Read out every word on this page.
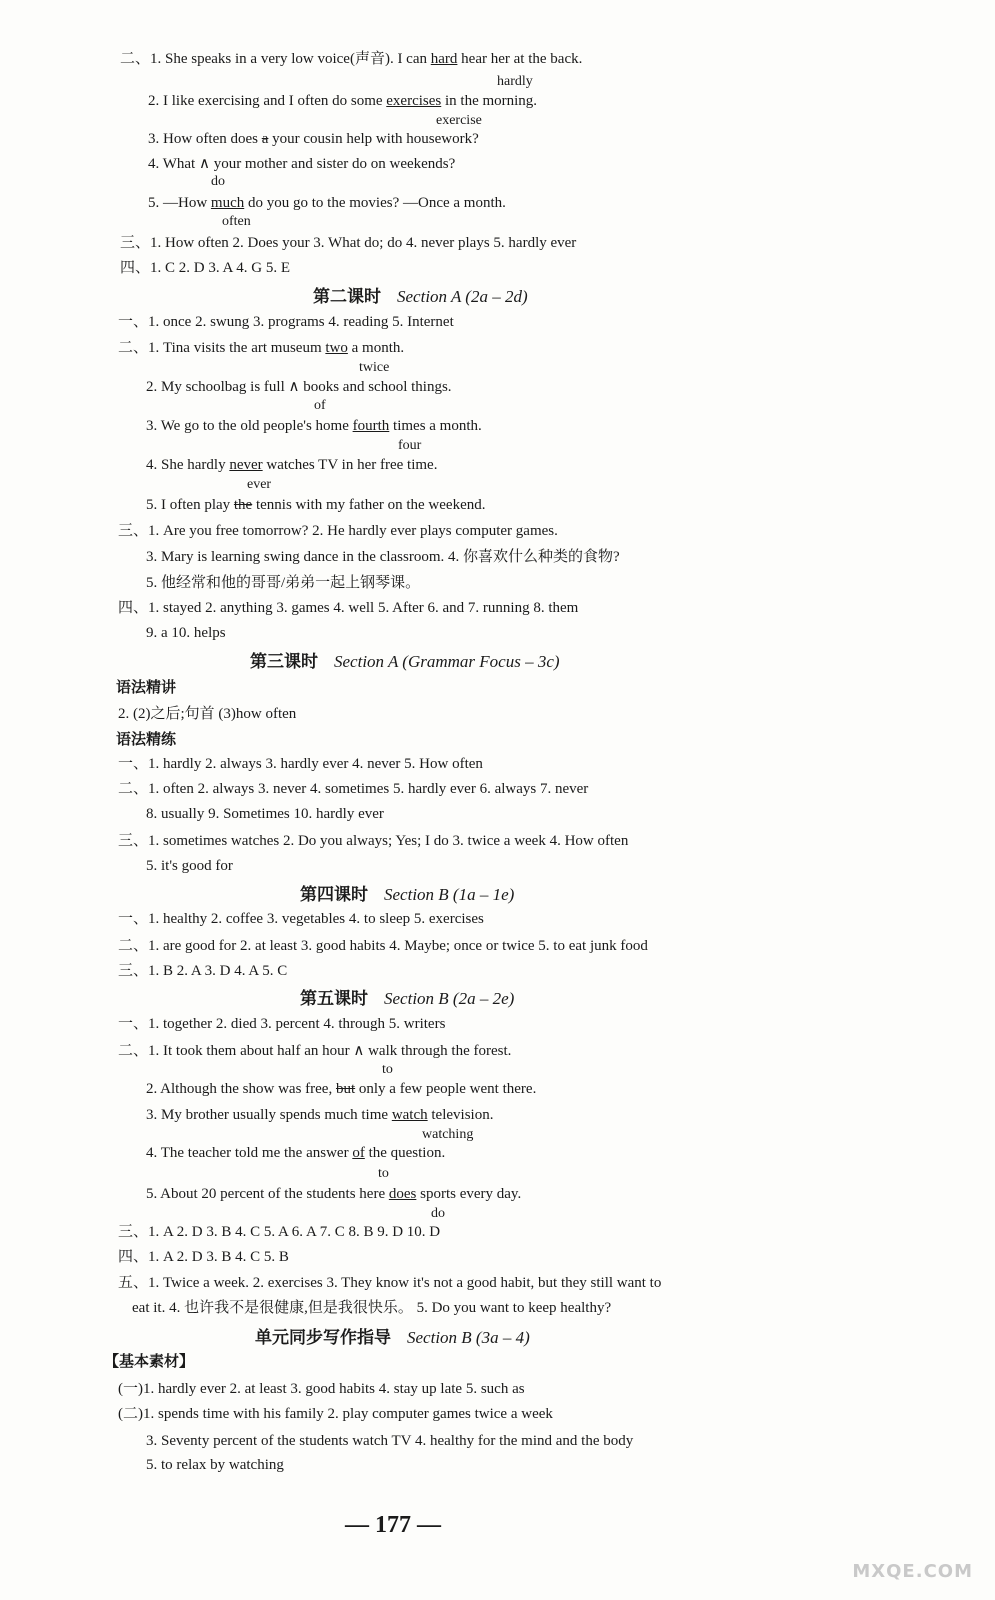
二、1. She speaks in a very low voice(声音). I can hard hear her at the back.
2. I like exercising and I often do some exercises in the morning.
3. How often does a your cousin help with housework?
4. What ∧ your mother and sister do on weekends?
5. —How much do you go to the movies? —Once a month.
三、1. How often 2. Does your 3. What do; do 4. never plays 5. hardly ever
四、1. C 2. D 3. A 4. G 5. E
一、1. once 2. swung 3. programs 4. reading 5. Internet
二、1. Tina visits the art museum two a month.
2. My schoolbag is full ∧ books and school things.
3. We go to the old people's home fourth times a month.
4. She hardly never watches TV in her free time.
5. I often play the tennis with my father on the weekend.
三、1. Are you free tomorrow? 2. He hardly ever plays computer games.
3. Mary is learning swing dance in the classroom. 4. 你喜欢什么种类的食物?
5. 他经常和他的哥哥/弟弟一起上钢琴课。
四、1. stayed 2. anything 3. games 4. well 5. After 6. and 7. running 8. them
9. a 10. helps
2. (2)之后;句首 (3)how often
一、1. hardly 2. always 3. hardly ever 4. never 5. How often
二、1. often 2. always 3. never 4. sometimes 5. hardly ever 6. always 7. never
8. usually 9. Sometimes 10. hardly ever
三、1. sometimes watches 2. Do you always; Yes; I do 3. twice a week 4. How often
5. it's good for
一、1. healthy 2. coffee 3. vegetables 4. to sleep 5. exercises
二、1. are good for 2. at least 3. good habits 4. Maybe; once or twice 5. to eat junk food
三、1. B 2. A 3. D 4. A 5. C
一、1. together 2. died 3. percent 4. through 5. writers
二、1. It took them about half an hour ∧ walk through the forest.
2. Although the show was free, but only a few people went there.
3. My brother usually spends much time watch television.
4. The teacher told me the answer of the question.
5. About 20 percent of the students here does sports every day.
三、1. A 2. D 3. B 4. C 5. A 6. A 7. C 8. B 9. D 10. D
四、1. A 2. D 3. B 4. C 5. B
五、1. Twice a week. 2. exercises 3. They know it's not a good habit, but they still want to
eat it. 4. 也许我不是很健康,但是我很快乐。 5. Do you want to keep healthy?
(一)1. hardly ever 2. at least 3. good habits 4. stay up late 5. such as
(二)1. spends time with his family 2. play computer games twice a week
3. Seventy percent of the students watch TV 4. healthy for the mind and the body
5. to relax by watching
hardly
exercise
do
often
twice
of
four
ever
to
watching
to
do
第二课时 Section A (2a – 2d)
第三课时 Section A (Grammar Focus – 3c)
第四课时 Section B (1a – 1e)
第五课时 Section B (2a – 2e)
单元同步写作指导 Section B (3a – 4)
语法精讲
语法精练
【基本素材】
— 177 —
MXQE.COM
